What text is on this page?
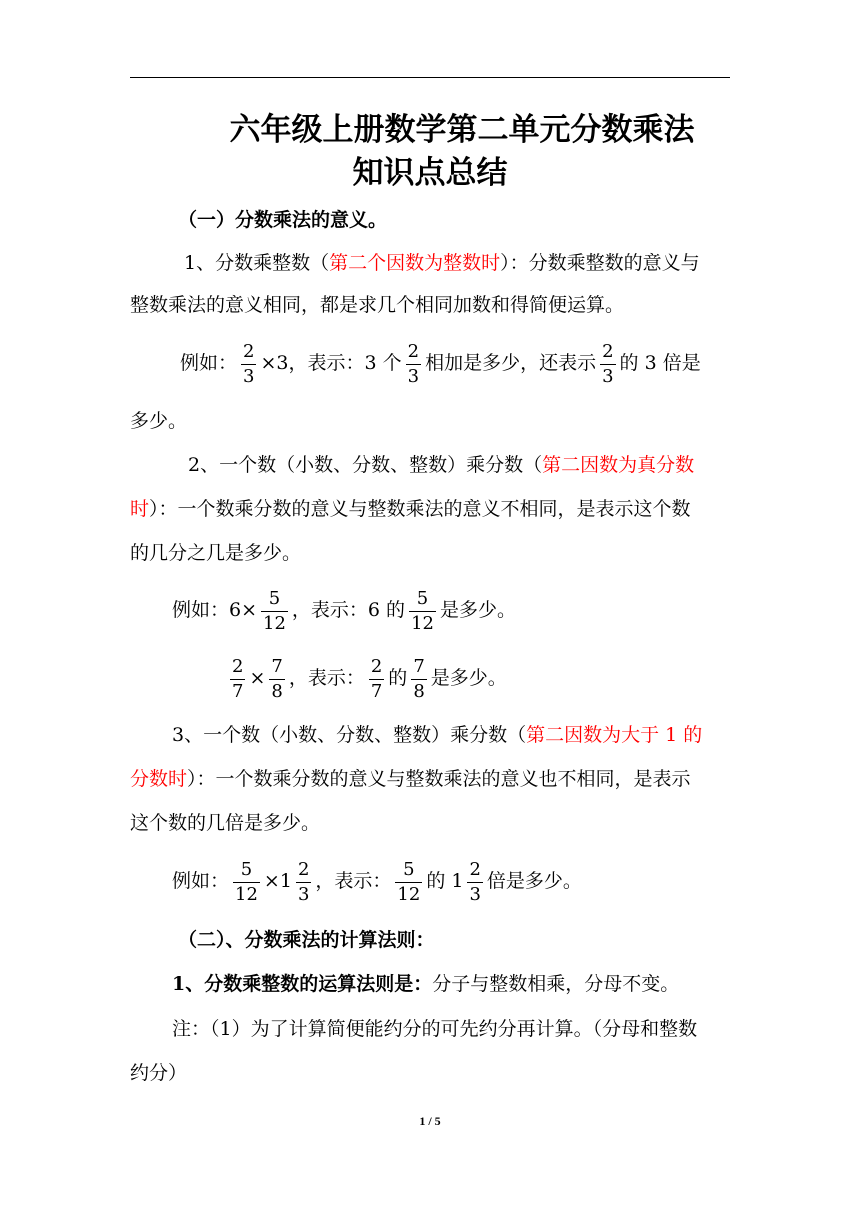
六年级上册数学第二单元分数乘法
知识点总结
（一）分数乘法的意义。
1、分数乘整数（第二个因数为整数时）：分数乘整数的意义与
整数乘法的意义相同，都是求几个相同加数和得简便运算。
例如： $\frac{2}{3} \times 3$，表示：3 个 $\frac{2}{3}$ 相加是多少，还表示 $\frac{2}{3}$ 的 3 倍是
多少。
2、一个数（小数、分数、整数）乘分数（第二因数为真分数
时）：一个数乘分数的意义与整数乘法的意义不相同，是表示这个数
的几分之几是多少。
例如：$6\times \frac{5}{12}$ ，表示：6 的 $\frac{5}{12}$ 是多少。
$\frac{2}{7} \times \frac{7}{8}$ ，表示： $\frac{2}{7}$ 的 $\frac{7}{8}$ 是多少。
3、一个数（小数、分数、整数）乘分数（第二因数为大于 1 的
分数时）：一个数乘分数的意义与整数乘法的意义也不相同，是表示
这个数的几倍是多少。
例如： $\frac{5}{12} \times 1 \frac{2}{3}$ ，表示： $\frac{5}{12}$ 的 $1 \frac{2}{3}$ 倍是多少。
（二）、分数乘法的计算法则：
1、分数乘整数的运算法则是：分子与整数相乘，分母不变。
注：（1）为了计算简便能约分的可先约分再计算。（分母和整数
约分）
1 / 5
